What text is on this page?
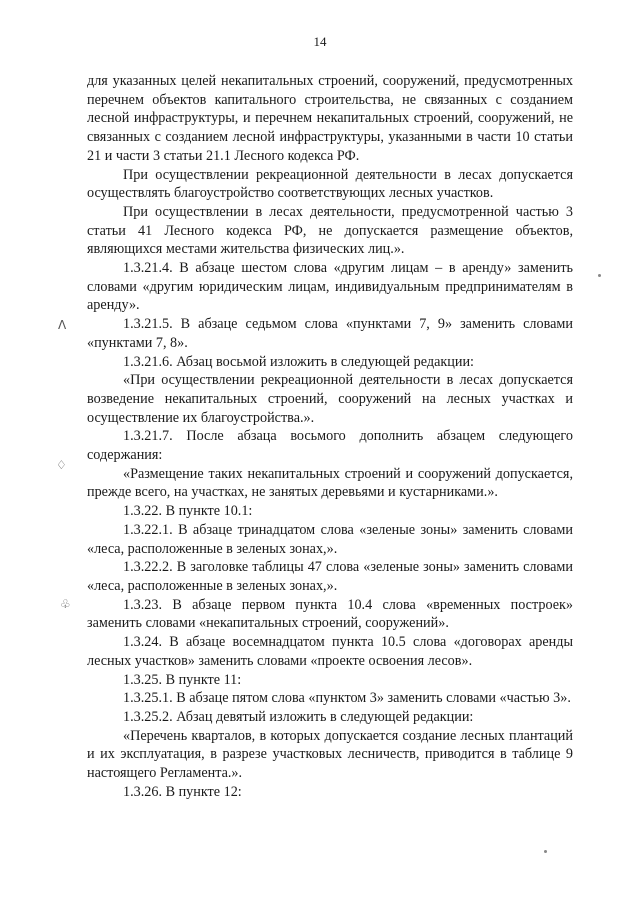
14
ⴷ
♢
♧

для указанных целей некапитальных строений, сооружений, предусмотренных перечнем объектов капитального строительства, не связанных с созданием лесной инфраструктуры, и перечнем некапитальных строений, сооружений, не связанных с созданием лесной инфраструктуры, указанными в части 10 статьи 21 и части 3 статьи 21.1 Лесного кодекса РФ.

При осуществлении рекреационной деятельности в лесах допускается осуществлять благоустройство соответствующих лесных участков.

При осуществлении в лесах деятельности, предусмотренной частью 3 статьи 41 Лесного кодекса РФ, не допускается размещение объектов, являющихся местами жительства физических лиц.».

1.3.21.4. В абзаце шестом слова «другим лицам – в аренду» заменить словами «другим юридическим лицам, индивидуальным предпринимателям в аренду».

1.3.21.5. В абзаце седьмом слова «пунктами 7, 9» заменить словами «пунктами 7, 8».

1.3.21.6. Абзац восьмой изложить в следующей редакции:

«При осуществлении рекреационной деятельности в лесах допускается возведение некапитальных строений, сооружений на лесных участках и осуществление их благоустройства.».

1.3.21.7. После абзаца восьмого дополнить абзацем следующего содержания:

«Размещение таких некапитальных строений и сооружений допускается, прежде всего, на участках, не занятых деревьями и кустарниками.».

1.3.22. В пункте 10.1:

1.3.22.1. В абзаце тринадцатом слова «зеленые зоны» заменить словами «леса, расположенные в зеленых зонах,».

1.3.22.2. В заголовке таблицы 47 слова «зеленые зоны» заменить словами «леса, расположенные в зеленых зонах,».

1.3.23. В абзаце первом пункта 10.4 слова «временных построек» заменить словами «некапитальных строений, сооружений».

1.3.24. В абзаце восемнадцатом пункта 10.5 слова «договорах аренды лесных участков» заменить словами «проекте освоения лесов».

1.3.25. В пункте 11:

1.3.25.1. В абзаце пятом слова «пунктом 3» заменить словами «частью 3».

1.3.25.2. Абзац девятый изложить в следующей редакции:

«Перечень кварталов, в которых допускается создание лесных плантаций и их эксплуатация, в разрезе участковых лесничеств, приводится в таблице 9 настоящего Регламента.».

1.3.26. В пункте 12:
